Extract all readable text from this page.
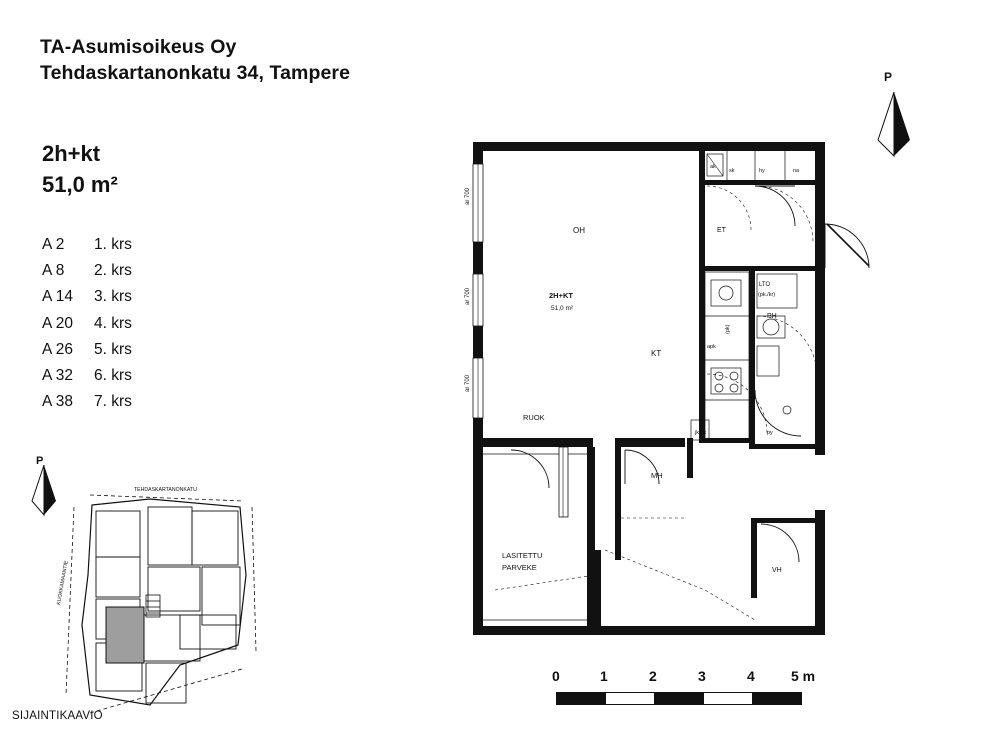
TA-Asumisoikeus Oy
Tehdaskartanonkatu 34, Tampere
2h+kt
51,0 m²
A 2	1. krs
A 8	2. krs
A 14	3. krs
A 20	4. krs
A 26	5. krs
A 32	6. krs
A 38	7. krs
P
TEHDASKARTANONKATU
KUOKKAMAANTIE
SIJAINTIKAAVIO
P
ar 700
ar 700
ar 700
OH
2H+KT
51,0 m²
KT
RUOK
ET
PH
LTO
(pk./kr)
MH
VH
LASITETTU
PARVEKE
ak
sk	hy	na
apk
(pk)
jk/pk	py
0	1	2	3	4	5 m
